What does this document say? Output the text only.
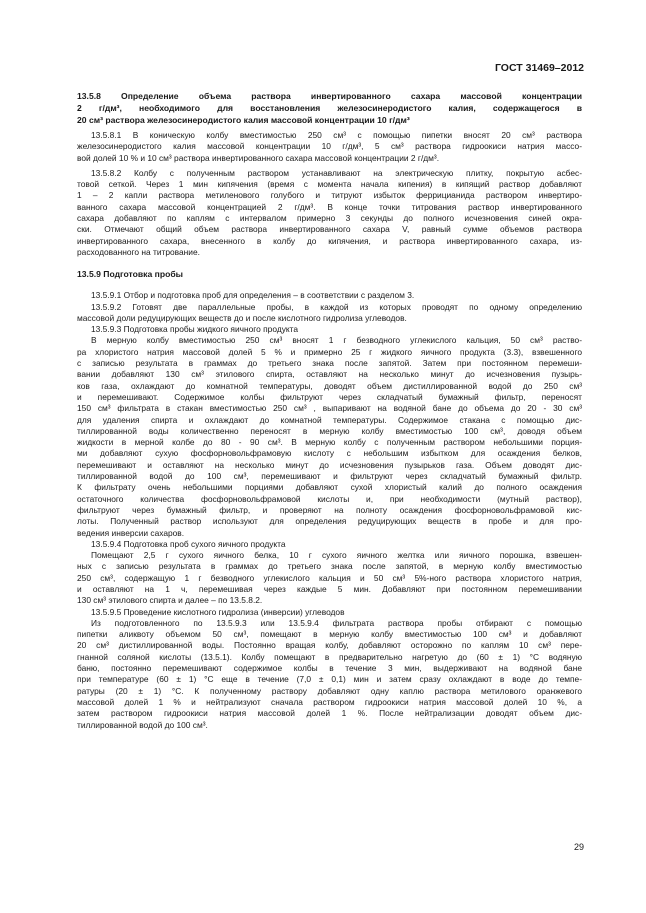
ГОСТ 31469–2012
13.5.8 Определение объема раствора инвертированного сахара массовой концентрации
2 г/дм³, необходимого для восстановления железосинеродистого калия, содержащегося в
20 см³ раствора железосинеродистого калия массовой концентрации 10 г/дм³
13.5.8.1 В коническую колбу вместимостью 250 см³ с помощью пипетки вносят 20 см³ раствора
железосинеродистого калия массовой концентрации 10 г/дм³, 5 см³ раствора гидроокиси натрия массо-
вой долей 10 % и 10 см³ раствора инвертированного сахара массовой концентрации 2 г/дм³.
13.5.8.2 Колбу с полученным раствором устанавливают на электрическую плитку, покрытую асбес-
товой сеткой. Через 1 мин кипячения (время с момента начала кипения) в кипящий раствор добавляют
1 – 2 капли раствора метиленового голубого и титруют избыток феррицианида раствором инвертиро-
ванного сахара массовой концентрацией 2 г/дм³. В конце точки титрования раствор инвертированного
сахара добавляют по каплям с интервалом примерно 3 секунды до полного исчезновения синей окра-
ски. Отмечают общий объем раствора инвертированного сахара V, равный сумме объемов раствора
инвертированного сахара, внесенного в колбу до кипячения, и раствора инвертированного сахара, из-
расходованного на титрование.
13.5.9 Подготовка пробы
13.5.9.1 Отбор и подготовка проб для определения – в соответствии с разделом 3.
13.5.9.2 Готовят две параллельные пробы, в каждой из которых проводят по одному определению
массовой доли редуцирующих веществ до и после кислотного гидролиза углеводов.
13.5.9.3 Подготовка пробы жидкого яичного продукта
В мерную колбу вместимостью 250 см³ вносят 1 г безводного углекислого кальция, 50 см³ раство-
ра хлористого натрия массовой долей 5 % и примерно 25 г жидкого яичного продукта (3.3), взвешенного
с записью результата в граммах до третьего знака после запятой. Затем при постоянном перемеши-
вании добавляют 130 см³ этилового спирта, оставляют на несколько минут до исчезновения пузырь-
ков газа, охлаждают до комнатной температуры, доводят объем дистиллированной водой до 250 см³
и перемешивают. Содержимое колбы фильтруют через складчатый бумажный фильтр, переносят
150 см³ фильтрата в стакан вместимостью 250 см³ , выпаривают на водяной бане до объема до 20 - 30 см³
для удаления спирта и охлаждают до комнатной температуры. Содержимое стакана с помощью дис-
тиллированной воды количественно переносят в мерную колбу вместимостью 100 см³, доводя объем
жидкости в мерной колбе до 80 - 90 см³. В мерную колбу с полученным раствором небольшими порция-
ми добавляют сухую фосфорновольфрамовую кислоту с небольшим избытком для осаждения белков,
перемешивают и оставляют на несколько минут до исчезновения пузырьков газа. Объем доводят дис-
тиллированной водой до 100 см³, перемешивают и фильтруют через складчатый бумажный фильтр.
К фильтрату очень небольшими порциями добавляют сухой хлористый калий до полного осаждения
остаточного количества фосфорновольфрамовой кислоты и, при необходимости (мутный раствор),
фильтруют через бумажный фильтр, и проверяют на полноту осаждения фосфорновольфрамовой кис-
лоты. Полученный раствор используют для определения редуцирующих веществ в пробе и для про-
ведения инверсии сахаров.
13.5.9.4 Подготовка проб сухого яичного продукта
Помещают 2,5 г сухого яичного белка, 10 г сухого яичного желтка или яичного порошка, взвешен-
ных с записью результата в граммах до третьего знака после запятой, в мерную колбу вместимостью
250 см³, содержащую 1 г безводного углекислого кальция и 50 см³ 5%-ного раствора хлористого натрия,
и оставляют на 1 ч, перемешивая через каждые 5 мин. Добавляют при постоянном перемешивании
130 см³ этилового спирта и далее – по 13.5.8.2.
13.5.9.5 Проведение кислотного гидролиза (инверсии) углеводов
Из подготовленного по 13.5.9.3 или 13.5.9.4 фильтрата раствора пробы отбирают с помощью
пипетки аликвоту объемом 50 см³, помещают в мерную колбу вместимостью 100 см³ и добавляют
20 см³ дистиллированной воды. Постоянно вращая колбу, добавляют осторожно по каплям 10 см³ пере-
гнанной соляной кислоты (13.5.1). Колбу помещают в предварительно нагретую до (60 ± 1) °С водяную
баню, постоянно перемешивают содержимое колбы в течение 3 мин, выдерживают на водяной бане
при температуре (60 ± 1) °С еще в течение (7,0 ± 0,1) мин и затем сразу охлаждают в воде до темпе-
ратуры (20 ± 1) °С. К полученному раствору добавляют одну каплю раствора метилового оранжевого
массовой долей 1 % и нейтрализуют сначала раствором гидроокиси натрия массовой долей 10 %, а
затем раствором гидроокиси натрия массовой долей 1 %. После нейтрализации доводят объем дис-
тиллированной водой до 100 см³.
29
